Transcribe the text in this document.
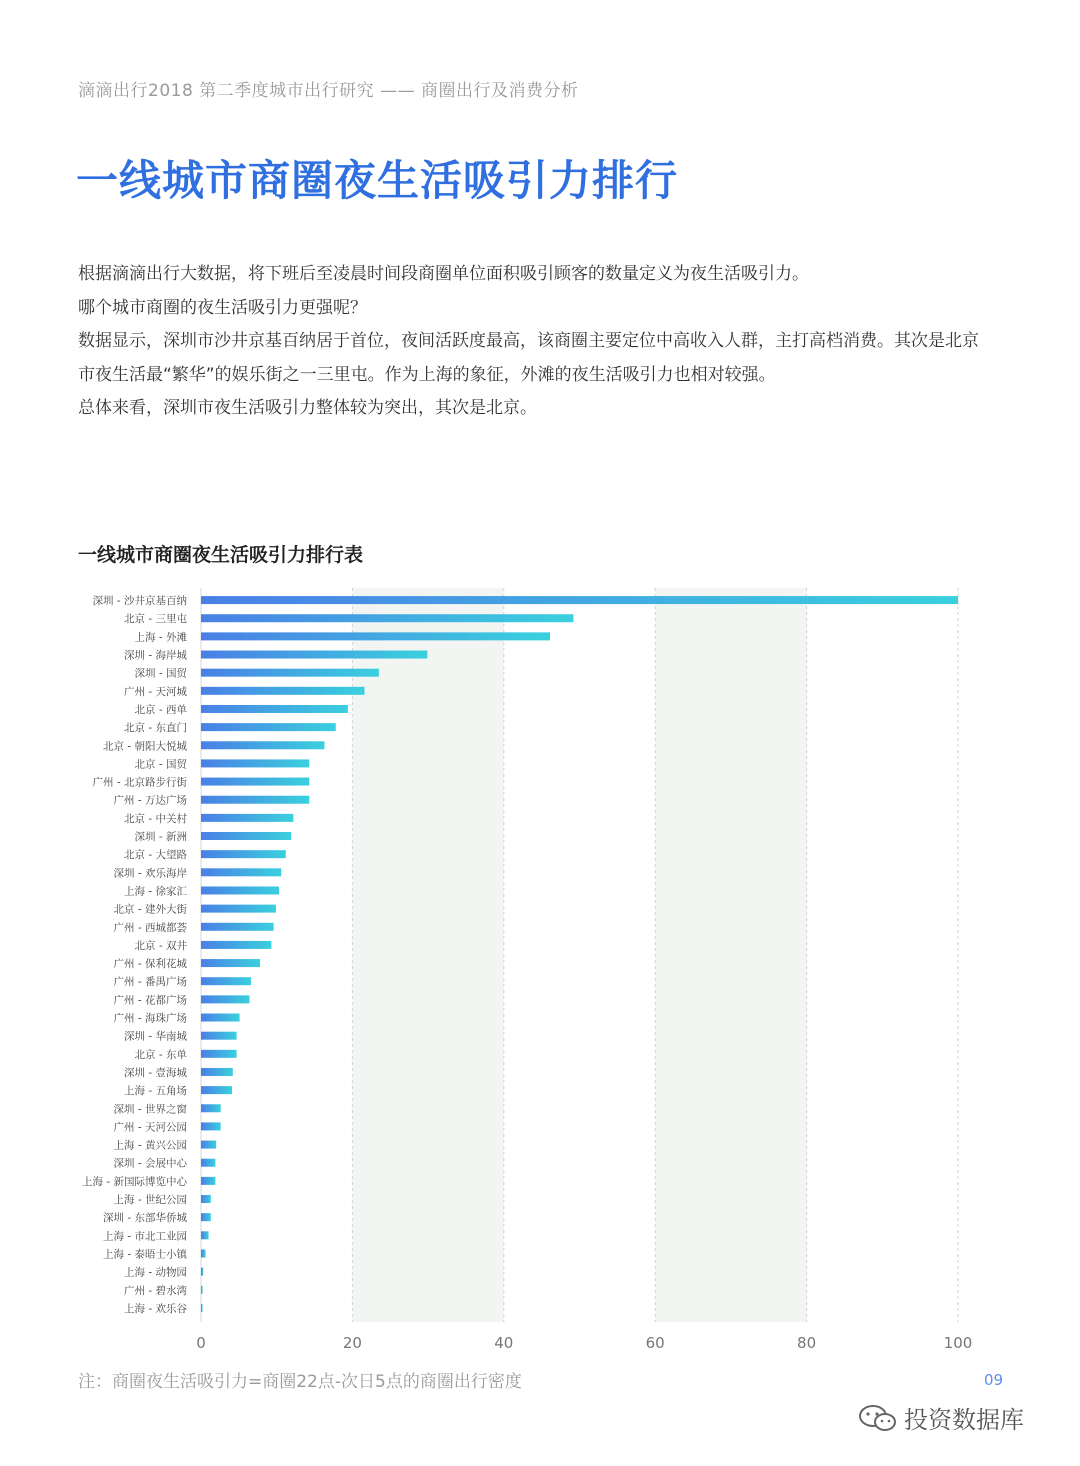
滴滴出行2018 第二季度城市出行研究 —— 商圈出行及消费分析
一线城市商圈夜生活吸引力排行

根据滴滴出行大数据，将下班后至凌晨时间段商圈单位面积吸引顾客的数量定义为夜生活吸引力。

哪个城市商圈的夜生活吸引力更强呢？

数据显示，深圳市沙井京基百纳居于首位，夜间活跃度最高，该商圈主要定位中高收入人群，主打高档消费。其次是北京

市夜生活最“繁华”的娱乐街之一三里屯。作为上海的象征，外滩的夜生活吸引力也相对较强。

总体来看，深圳市夜生活吸引力整体较为突出，其次是北京。

一线城市商圈夜生活吸引力排行表
深圳 - 沙井京基百纳
北京 - 三里屯
上海 - 外滩
深圳 - 海岸城
深圳 - 国贸
广州 - 天河城
北京 - 西单
北京 - 东直门
北京 - 朝阳大悦城
北京 - 国贸
广州 - 北京路步行街
广州 - 万达广场
北京 - 中关村
深圳 - 新洲
北京 - 大望路
深圳 - 欢乐海岸
上海 - 徐家汇
北京 - 建外大街
广州 - 西城都荟
北京 - 双井
广州 - 保利花城
广州 - 番禺广场
广州 - 花都广场
广州 - 海珠广场
深圳 - 华南城
北京 - 东单
深圳 - 壹海城
上海 - 五角场
深圳 - 世界之窗
广州 - 天河公园
上海 - 黄兴公园
深圳 - 会展中心
上海 - 新国际博览中心
上海 - 世纪公园
深圳 - 东部华侨城
上海 - 市北工业园
上海 - 泰晤士小镇
上海 - 动物园
广州 - 碧水湾
上海 - 欢乐谷
0	20	40	60	80	100
注：商圈夜生活吸引力=商圈22点-次日5点的商圈出行密度	09
投资数据库
